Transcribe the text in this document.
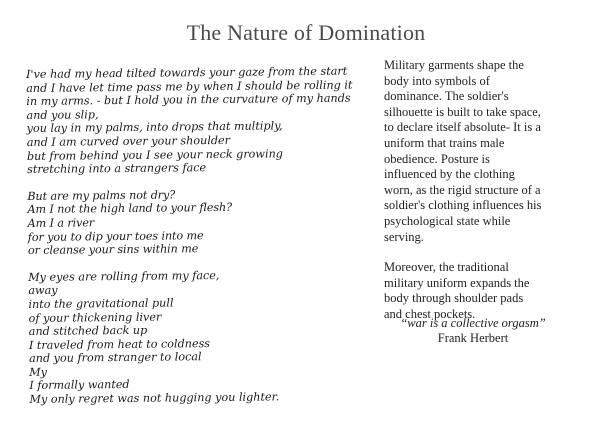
The Nature of Domination
I've had my head tilted towards your gaze from the start
and I have let time pass me by when I should be rolling it
in my arms. - but I hold you in the curvature of my hands
and you slip,
you lay in my palms, into drops that multiply,
and I am curved over your shoulder
but from behind you I see your neck growing
stretching into a strangers face
But are my palms not dry?
Am I not the high land to your flesh?
Am I a river
for you to dip your toes into me
or cleanse your sins within me
My eyes are rolling from my face,
away
into the gravitational pull
of your thickening liver
and stitched back up
I traveled from heat to coldness
and you from stranger to local
My
I formally wanted
My only regret was not hugging you lighter.

Military garments shape the body into symbols of dominance. The soldier's silhouette is built to take space, to declare itself absolute- It is a uniform that trains male obedience. Posture is influenced by the clothing worn, as the rigid structure of a soldier's clothing influences his psychological state while serving.

Moreover, the traditional military uniform expands the body through shoulder pads and chest pockets.

“war is a collective orgasm”
Frank Herbert
